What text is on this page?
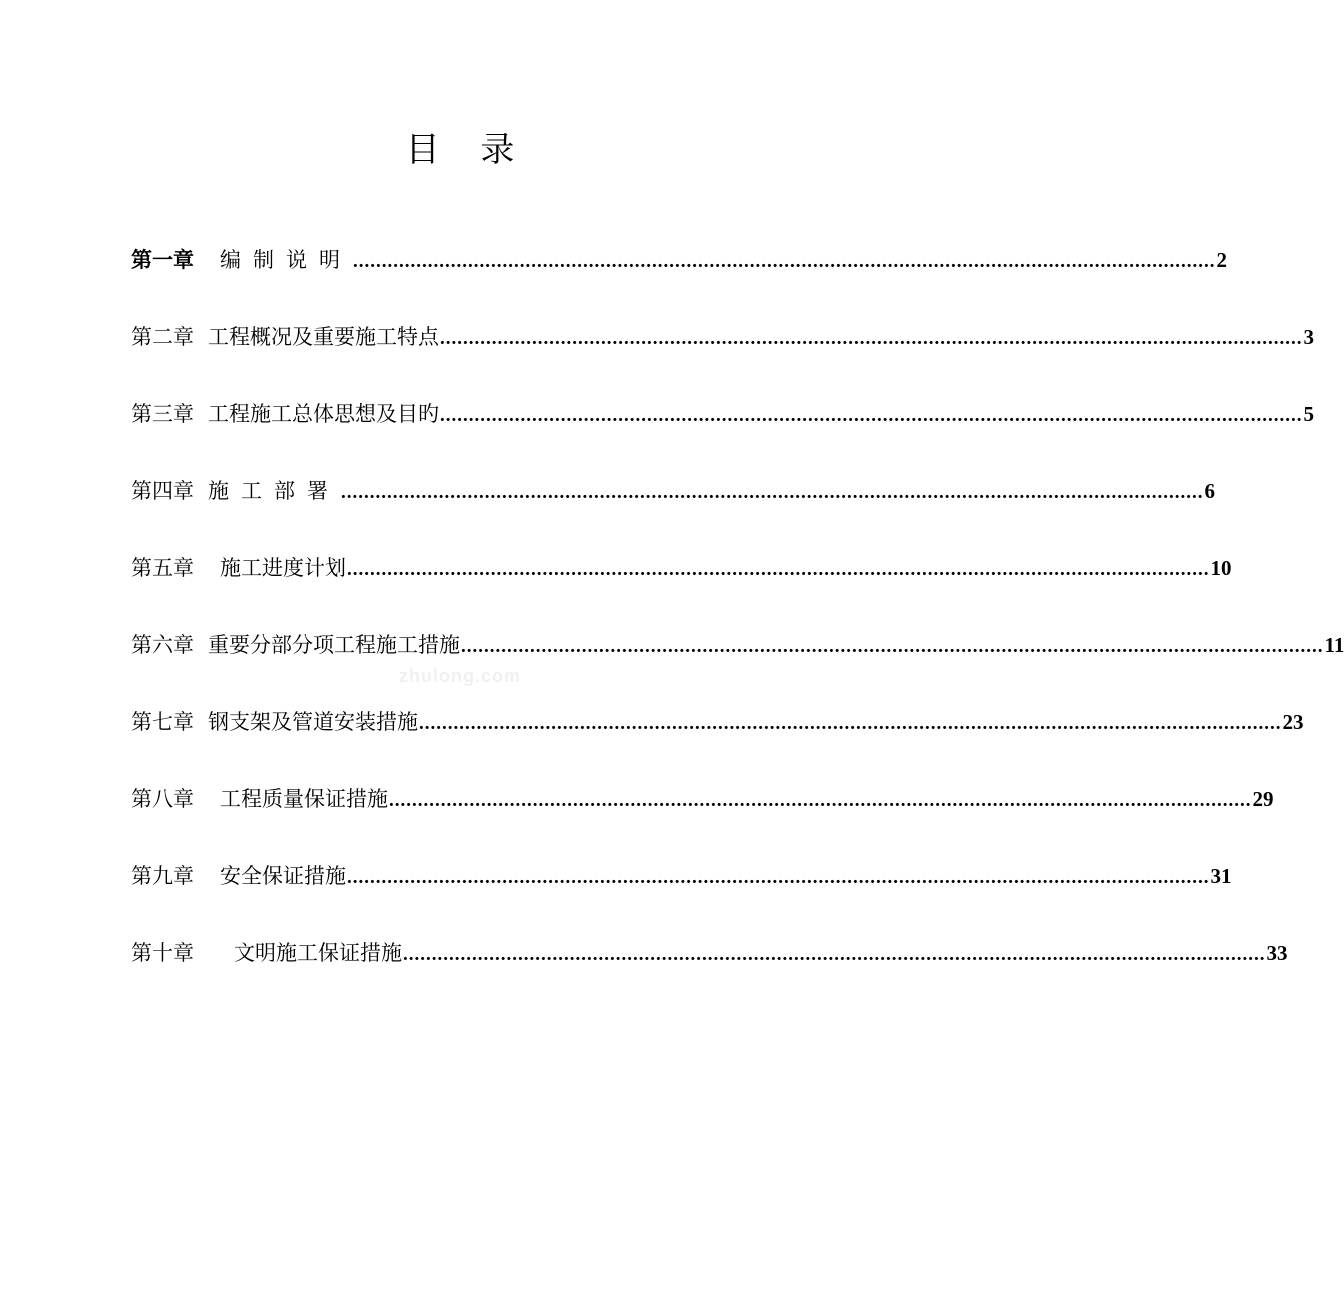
目 录
第一章 编制说明 ...................................................................................................................................................... 2
第二章 工程概况及重要施工特点 ...................................................................................................................................................... 3
第三章 工程施工总体思想及目旳 ...................................................................................................................................................... 5
第四章 施工部署 ...................................................................................................................................................... 6
第五章 施工进度计划 ...................................................................................................................................................... 10
第六章 重要分部分项工程施工措施 ...................................................................................................................................................... 11
第七章 钢支架及管道安装措施 ...................................................................................................................................................... 23
第八章 工程质量保证措施 ...................................................................................................................................................... 29
第九章 安全保证措施 ...................................................................................................................................................... 31
第十章 文明施工保证措施 ...................................................................................................................................................... 33
zhulong.com
